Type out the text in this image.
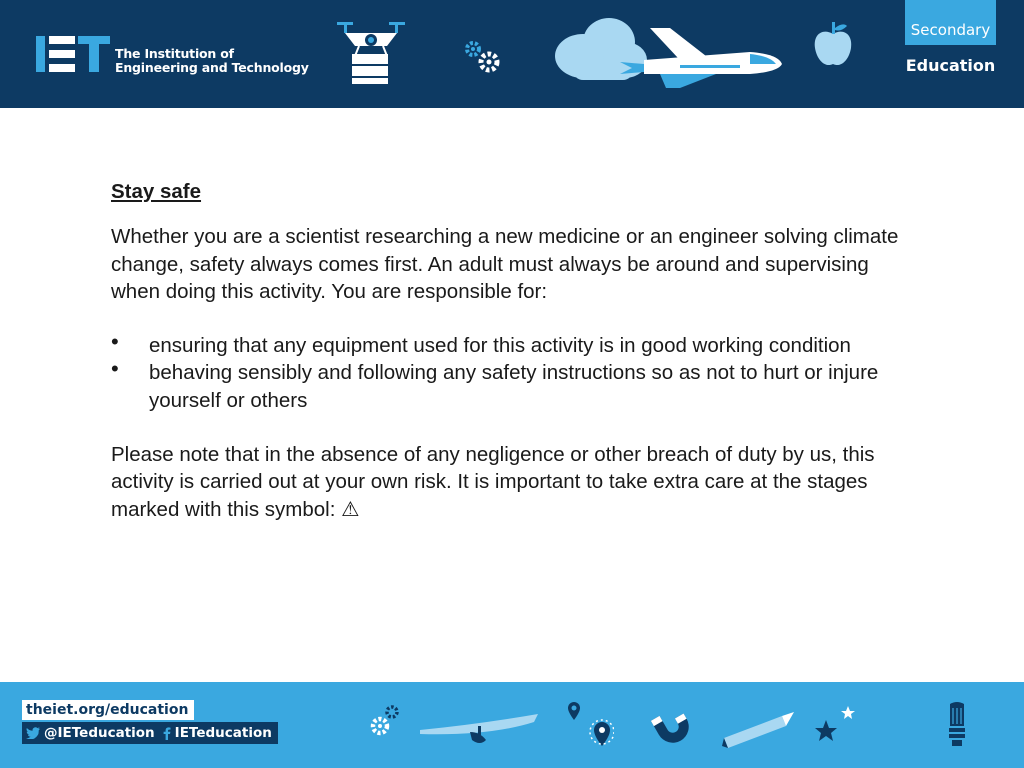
The Institution of
Engineering and Technology
Secondary
Education

Stay safe

Whether you are a scientist researching a new medicine or an engineer solving climate change, safety always comes first. An adult must always be around and supervising when doing this activity. You are responsible for:

• ensuring that any equipment used for this activity is in good working condition
• behaving sensibly and following any safety instructions so as not to hurt or injure yourself or others

Please note that in the absence of any negligence or other breach of duty by us, this activity is carried out at your own risk. It is important to take extra care at the stages marked with this symbol: ⚠

theiet.org/education
@IETeducation IETeducation
